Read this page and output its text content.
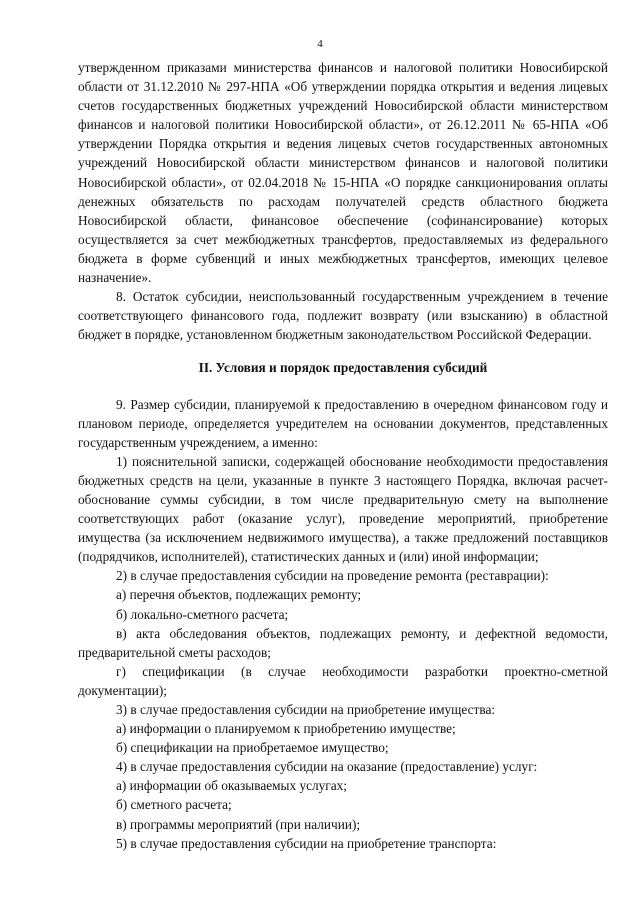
4

утвержденном приказами министерства финансов и налоговой политики Новосибирской области от 31.12.2010 № 297-НПА «Об утверждении порядка открытия и ведения лицевых счетов государственных бюджетных учреждений Новосибирской области министерством финансов и налоговой политики Новосибирской области», от 26.12.2011 № 65-НПА «Об утверждении Порядка открытия и ведения лицевых счетов государственных автономных учреждений Новосибирской области министерством финансов и налоговой политики Новосибирской области», от 02.04.2018 № 15-НПА «О порядке санкционирования оплаты денежных обязательств по расходам получателей средств областного бюджета Новосибирской области, финансовое обеспечение (софинансирование) которых осуществляется за счет межбюджетных трансфертов, предоставляемых из федерального бюджета в форме субвенций и иных межбюджетных трансфертов, имеющих целевое назначение».

8. Остаток субсидии, неиспользованный государственным учреждением в течение соответствующего финансового года, подлежит возврату (или взысканию) в областной бюджет в порядке, установленном бюджетным законодательством Российской Федерации.

II. Условия и порядок предоставления субсидий

9. Размер субсидии, планируемой к предоставлению в очередном финансовом году и плановом периоде, определяется учредителем на основании документов, представленных государственным учреждением, а именно:

1) пояснительной записки, содержащей обоснование необходимости предоставления бюджетных средств на цели, указанные в пункте 3 настоящего Порядка, включая расчет-обоснование суммы субсидии, в том числе предварительную смету на выполнение соответствующих работ (оказание услуг), проведение мероприятий, приобретение имущества (за исключением недвижимого имущества), а также предложений поставщиков (подрядчиков, исполнителей), статистических данных и (или) иной информации;

2) в случае предоставления субсидии на проведение ремонта (реставрации):

а) перечня объектов, подлежащих ремонту;

б) локально-сметного расчета;

в) акта обследования объектов, подлежащих ремонту, и дефектной ведомости, предварительной сметы расходов;

г) спецификации (в случае необходимости разработки проектно-сметной документации);

3) в случае предоставления субсидии на приобретение имущества:

а) информации о планируемом к приобретению имуществе;

б) спецификации на приобретаемое имущество;

4) в случае предоставления субсидии на оказание (предоставление) услуг:

а) информации об оказываемых услугах;

б) сметного расчета;

в) программы мероприятий (при наличии);

5) в случае предоставления субсидии на приобретение транспорта:
